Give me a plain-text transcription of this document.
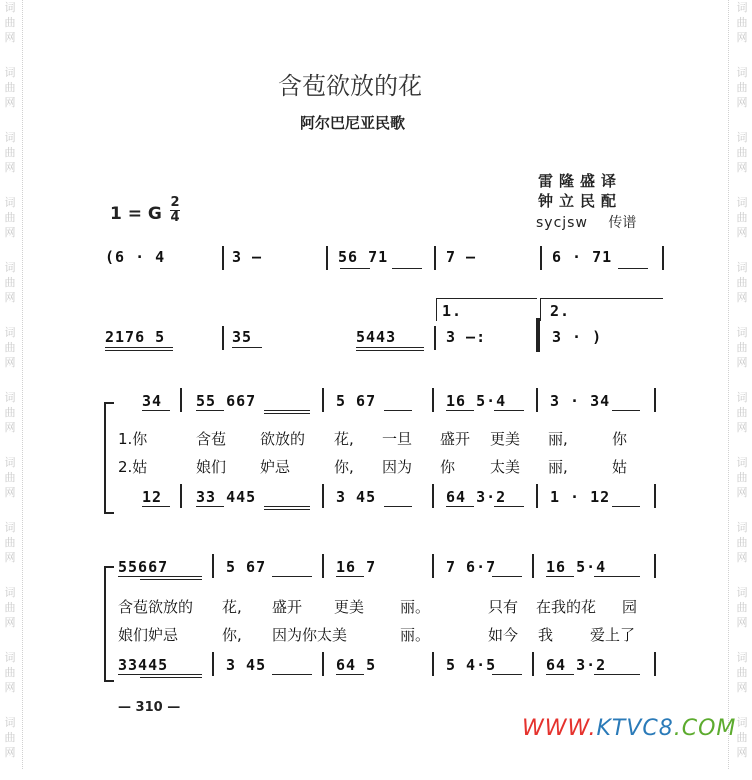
词
曲
网
词
曲
网
词
曲
网
词
曲
网
词
曲
网
词
曲
网
词
曲
网
词
曲
网
词
曲
网
词
曲
网
词
曲
网
词
曲
网
词
曲
网
词
曲
网
词
曲
网
词
曲
网
词
曲
网
词
曲
网
词
曲
网
词
曲
网
词
曲
网
词
曲
网
词
曲
网
词
曲
网
含苞欲放的花
阿尔巴尼亚民歌
雷隆盛译
钟立民配
sycjsw 传谱
1 = G
2
4
(6 · 4	3 —	56 71	7 —	6 · 71
1.	2.
2176 5	35	5443	3 —:	3 · )
34 55 667	5 67	16 5·4	3 · 34
1.你	含苞 欲放的 花, 一旦 盛开 更美 丽,	你
2.姑	娘们 妒忌	你, 因为 你 太美 丽,	姑
12 33 445	3 45	64 3·2	1 · 12
55667	5 67	16 7	7 6·7	16 5·4
含苞欲放的 花, 盛开 更美 丽。	只有 在我的花 园
娘们妒忌	你, 因为你太美	丽。	如今 我 爱上了
33445	3 45	64 5	5 4·5	64 3·2
— 310 —
WWW.KTVC8.COM
